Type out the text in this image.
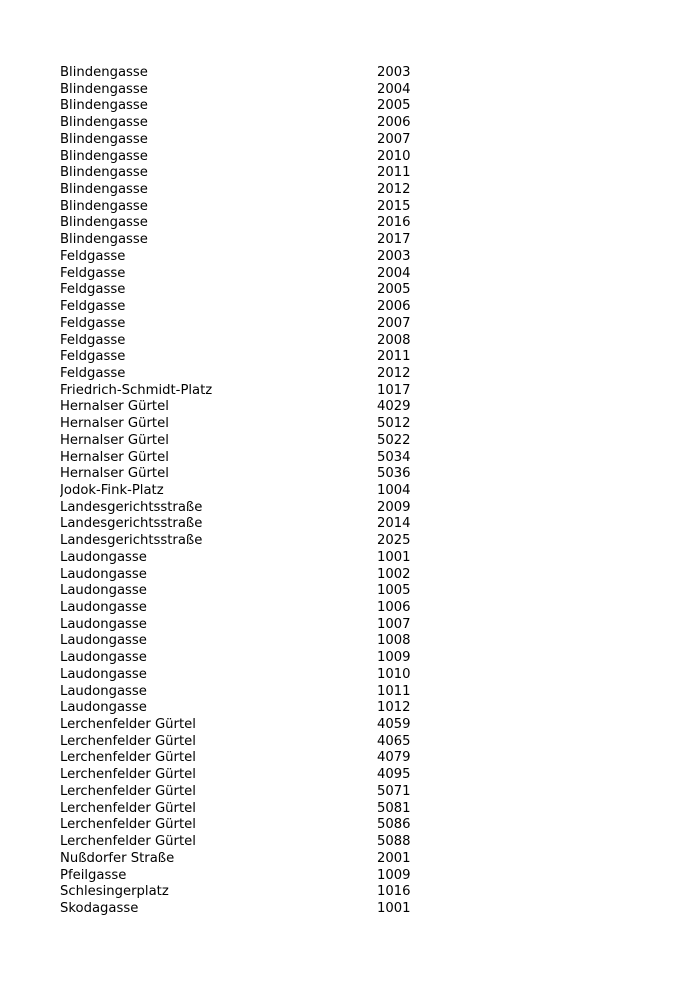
Blindengasse	2003
Blindengasse	2004
Blindengasse	2005
Blindengasse	2006
Blindengasse	2007
Blindengasse	2010
Blindengasse	2011
Blindengasse	2012
Blindengasse	2015
Blindengasse	2016
Blindengasse	2017
Feldgasse	2003
Feldgasse	2004
Feldgasse	2005
Feldgasse	2006
Feldgasse	2007
Feldgasse	2008
Feldgasse	2011
Feldgasse	2012
Friedrich-Schmidt-Platz	1017
Hernalser Gürtel	4029
Hernalser Gürtel	5012
Hernalser Gürtel	5022
Hernalser Gürtel	5034
Hernalser Gürtel	5036
Jodok-Fink-Platz	1004
Landesgerichtsstraße	2009
Landesgerichtsstraße	2014
Landesgerichtsstraße	2025
Laudongasse	1001
Laudongasse	1002
Laudongasse	1005
Laudongasse	1006
Laudongasse	1007
Laudongasse	1008
Laudongasse	1009
Laudongasse	1010
Laudongasse	1011
Laudongasse	1012
Lerchenfelder Gürtel	4059
Lerchenfelder Gürtel	4065
Lerchenfelder Gürtel	4079
Lerchenfelder Gürtel	4095
Lerchenfelder Gürtel	5071
Lerchenfelder Gürtel	5081
Lerchenfelder Gürtel	5086
Lerchenfelder Gürtel	5088
Nußdorfer Straße	2001
Pfeilgasse	1009
Schlesingerplatz	1016
Skodagasse	1001
